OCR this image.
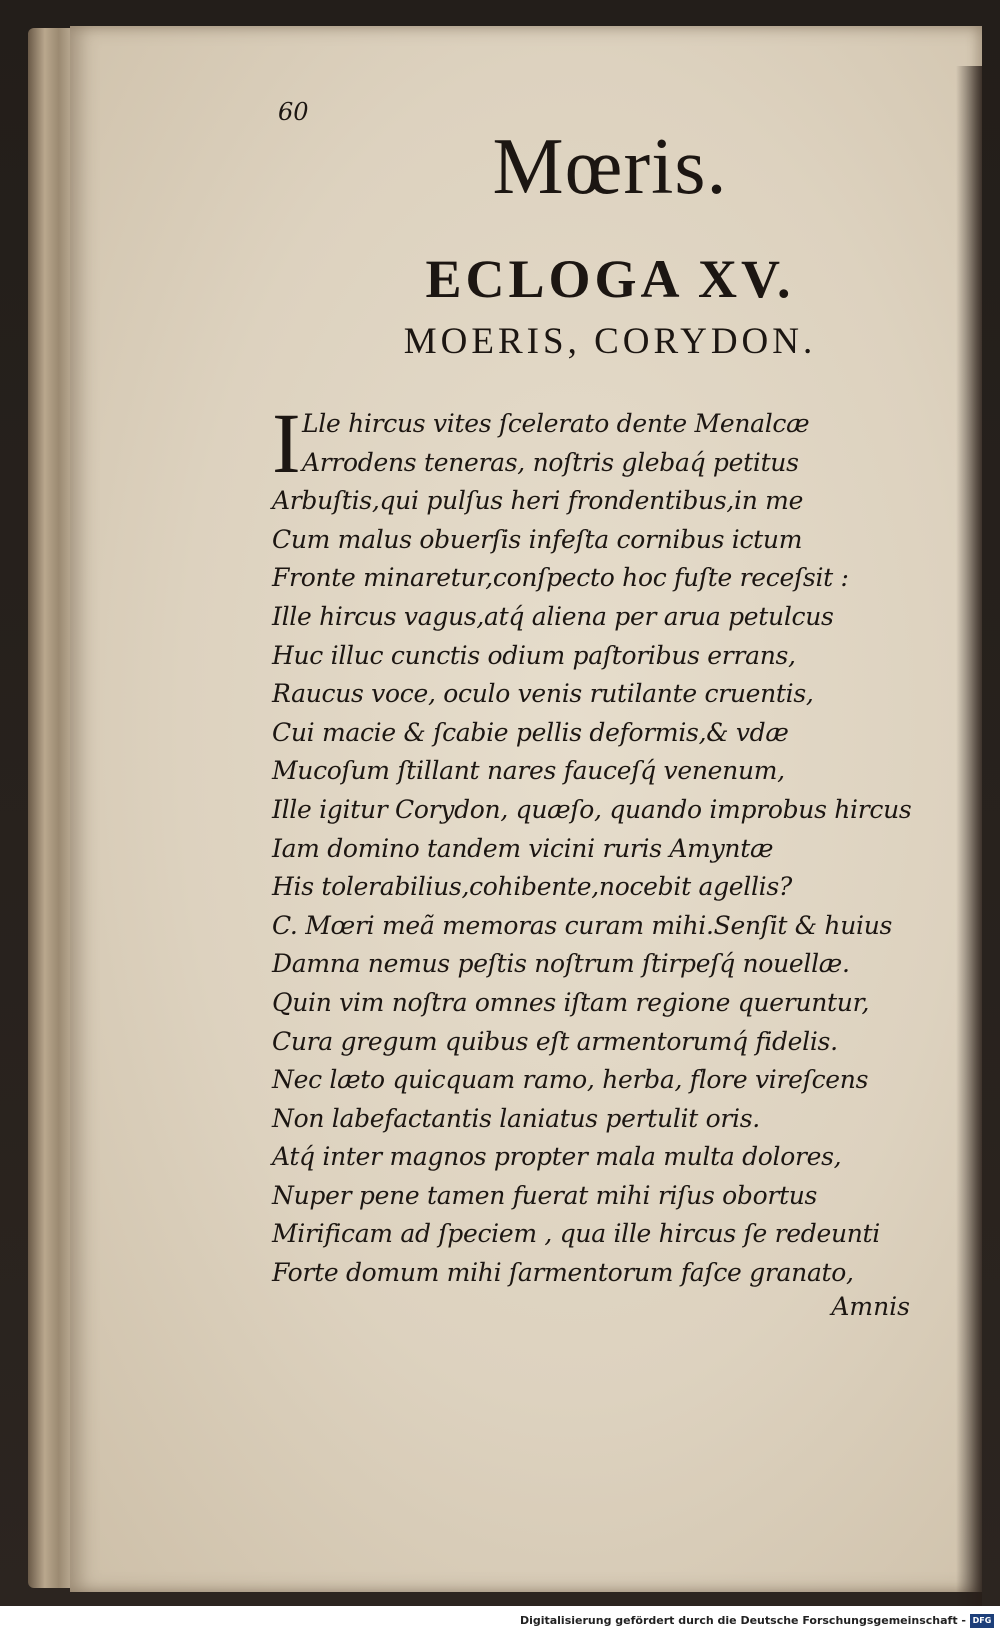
60
Mœris.
ECLOGA XV.
MOERIS, CORYDON.
I Lle hircus vites ſcelerato dente Menalcæ
Arrodens teneras, noſtris glebaq́ petitus
Arbuſtis,qui pulſus heri frondentibus,in me
Cum malus obuerſis infeſta cornibus ictum
Fronte minaretur,conſpecto hoc fuſte receſsit :
Ille hircus vagus,atq́ aliena per arua petulcus
Huc illuc cunctis odium paſtoribus errans,
Raucus voce, oculo venis rutilante cruentis,
Cui macie & ſcabie pellis deformis,& vdæ
Mucoſum ſtillant nares fauceſq́ venenum,
Ille igitur Corydon, quæſo, quando improbus hircus
Iam domino tandem vicini ruris Amyntæ
His tolerabilius,cohibente,nocebit agellis?
C. Mœri meã memoras curam mihi.Senſit & huius
Damna nemus peſtis noſtrum ſtirpeſq́ nouellæ.
Quin vim noſtra omnes iſtam regione queruntur,
Cura gregum quibus eſt armentorumq́ fidelis.
Nec læto quicquam ramo, herba, flore vireſcens
Non labefactantis laniatus pertulit oris.
Atq́ inter magnos propter mala multa dolores,
Nuper pene tamen fuerat mihi riſus obortus
Mirificam ad ſpeciem , qua ille hircus ſe redeunti
Forte domum mihi ſarmentorum faſce granato,
Amnis
Digitalisierung gefördert durch die Deutsche Forschungsgemeinschaft - DFG
